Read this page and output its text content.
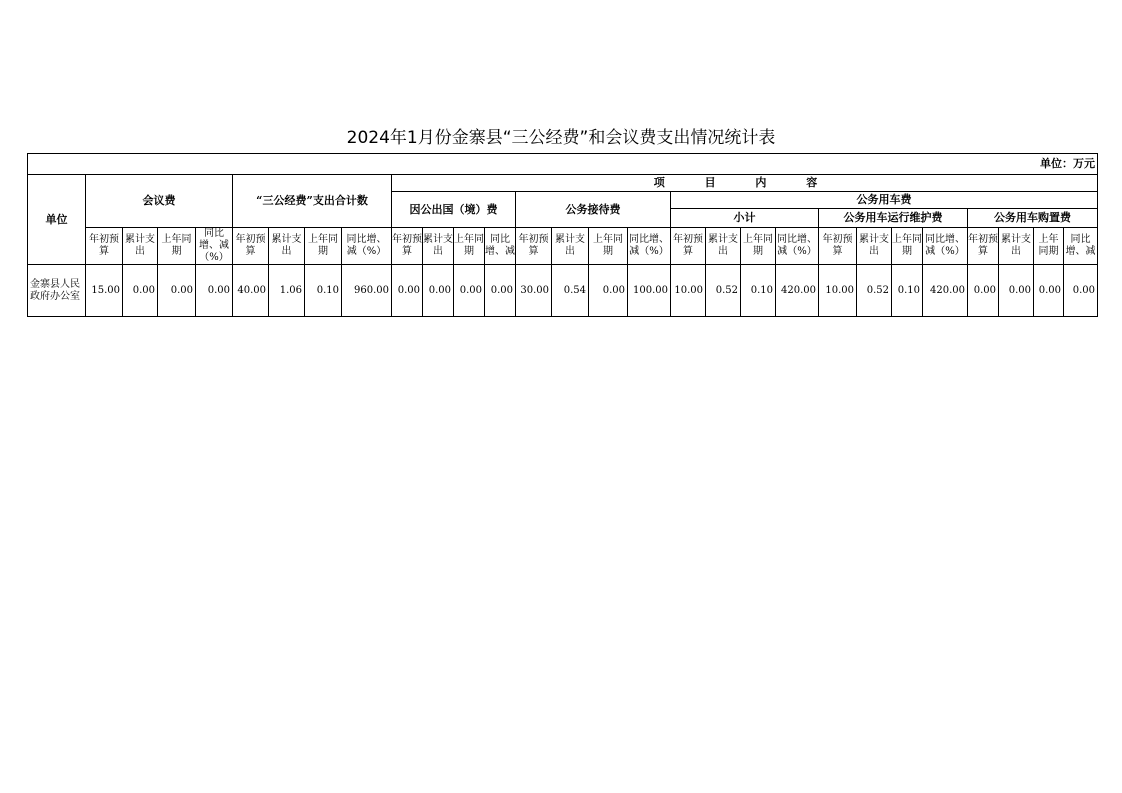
2024年1月份金寨县“三公经费”和会议费支出情况统计表
单位：万元																												
单位	会议费				“三公经费”支出合计数				项 目 内 容																			
									因公出国（境）费				公务接待费				公务用车费											
																	小计				公务用车运行维护费				公务用车购置费			
	年初预算	累计支出	上年同期	同比增、减（%）	年初预算	累计支出	上年同期	同比增、减（%）	年初预算	累计支出	上年同期	同比增、减	年初预算	累计支出	上年同期	同比增、减（%）	年初预算	累计支出	上年同期	同比增、减（%）	年初预算	累计支出	上年同期	同比增、减（%）	年初预算	累计支出	上年同期	同比增、减
金寨县人民政府办公室	15.00	0.00	0.00	0.00	40.00	1.06	0.10	960.00	0.00	0.00	0.00	0.00	30.00	0.54	0.00	100.00	10.00	0.52	0.10	420.00	10.00	0.52	0.10	420.00	0.00	0.00	0.00	0.00
